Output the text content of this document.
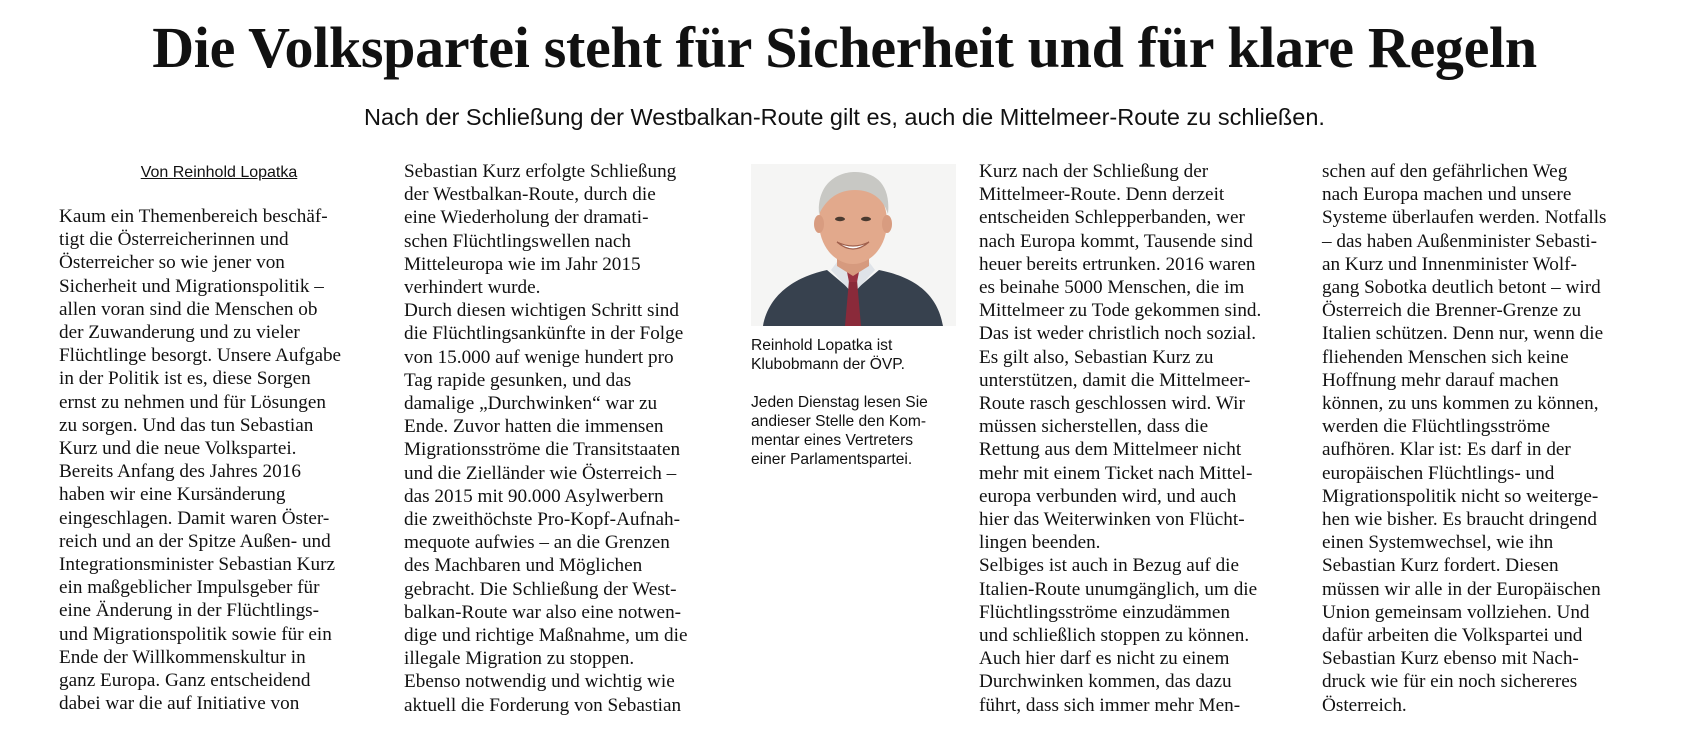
Die Volkspartei steht für Sicherheit und für klare Regeln

Nach der Schließung der Westbalkan-Route gilt es, auch die Mittelmeer-Route zu schließen.

Von Reinhold Lopatka
Kaum ein Themenbereich beschäf-
tigt die Österreicherinnen und
Österreicher so wie jener von
Sicherheit und Migrationspolitik –
allen voran sind die Menschen ob
der Zuwanderung und zu vieler
Flüchtlinge besorgt. Unsere Aufgabe
in der Politik ist es, diese Sorgen
ernst zu nehmen und für Lösungen
zu sorgen. Und das tun Sebastian
Kurz und die neue Volkspartei.
Bereits Anfang des Jahres 2016
haben wir eine Kursänderung
eingeschlagen. Damit waren Öster-
reich und an der Spitze Außen- und
Integrationsminister Sebastian Kurz
ein maßgeblicher Impulsgeber für
eine Änderung in der Flüchtlings-
und Migrationspolitik sowie für ein
Ende der Willkommenskultur in
ganz Europa. Ganz entscheidend
dabei war die auf Initiative von
Sebastian Kurz erfolgte Schließung
der Westbalkan-Route, durch die
eine Wiederholung der dramati-
schen Flüchtlingswellen nach
Mitteleuropa wie im Jahr 2015
verhindert wurde.
Durch diesen wichtigen Schritt sind
die Flüchtlingsankünfte in der Folge
von 15.000 auf wenige hundert pro
Tag rapide gesunken, und das
damalige „Durchwinken“ war zu
Ende. Zuvor hatten die immensen
Migrationsströme die Transitstaaten
und die Zielländer wie Österreich –
das 2015 mit 90.000 Asylwerbern
die zweithöchste Pro-Kopf-Aufnah-
mequote aufwies – an die Grenzen
des Machbaren und Möglichen
gebracht. Die Schließung der West-
balkan-Route war also eine notwen-
dige und richtige Maßnahme, um die
illegale Migration zu stoppen.
Ebenso notwendig und wichtig wie
aktuell die Forderung von Sebastian
Reinhold Lopatka ist
Klubobmann der ÖVP.
Jeden Dienstag lesen Sie
andieser Stelle den Kom-
mentar eines Vertreters
einer Parlamentspartei.
Kurz nach der Schließung der
Mittelmeer-Route. Denn derzeit
entscheiden Schlepperbanden, wer
nach Europa kommt, Tausende sind
heuer bereits ertrunken. 2016 waren
es beinahe 5000 Menschen, die im
Mittelmeer zu Tode gekommen sind.
Das ist weder christlich noch sozial.
Es gilt also, Sebastian Kurz zu
unterstützen, damit die Mittelmeer-
Route rasch geschlossen wird. Wir
müssen sicherstellen, dass die
Rettung aus dem Mittelmeer nicht
mehr mit einem Ticket nach Mittel-
europa verbunden wird, und auch
hier das Weiterwinken von Flücht-
lingen beenden.
Selbiges ist auch in Bezug auf die
Italien-Route unumgänglich, um die
Flüchtlingsströme einzudämmen
und schließlich stoppen zu können.
Auch hier darf es nicht zu einem
Durchwinken kommen, das dazu
führt, dass sich immer mehr Men-
schen auf den gefährlichen Weg
nach Europa machen und unsere
Systeme überlaufen werden. Notfalls
– das haben Außenminister Sebasti-
an Kurz und Innenminister Wolf-
gang Sobotka deutlich betont – wird
Österreich die Brenner-Grenze zu
Italien schützen. Denn nur, wenn die
fliehenden Menschen sich keine
Hoffnung mehr darauf machen
können, zu uns kommen zu können,
werden die Flüchtlingsströme
aufhören. Klar ist: Es darf in der
europäischen Flüchtlings- und
Migrationspolitik nicht so weiterge-
hen wie bisher. Es braucht dringend
einen Systemwechsel, wie ihn
Sebastian Kurz fordert. Diesen
müssen wir alle in der Europäischen
Union gemeinsam vollziehen. Und
dafür arbeiten die Volkspartei und
Sebastian Kurz ebenso mit Nach-
druck wie für ein noch sichereres
Österreich.
